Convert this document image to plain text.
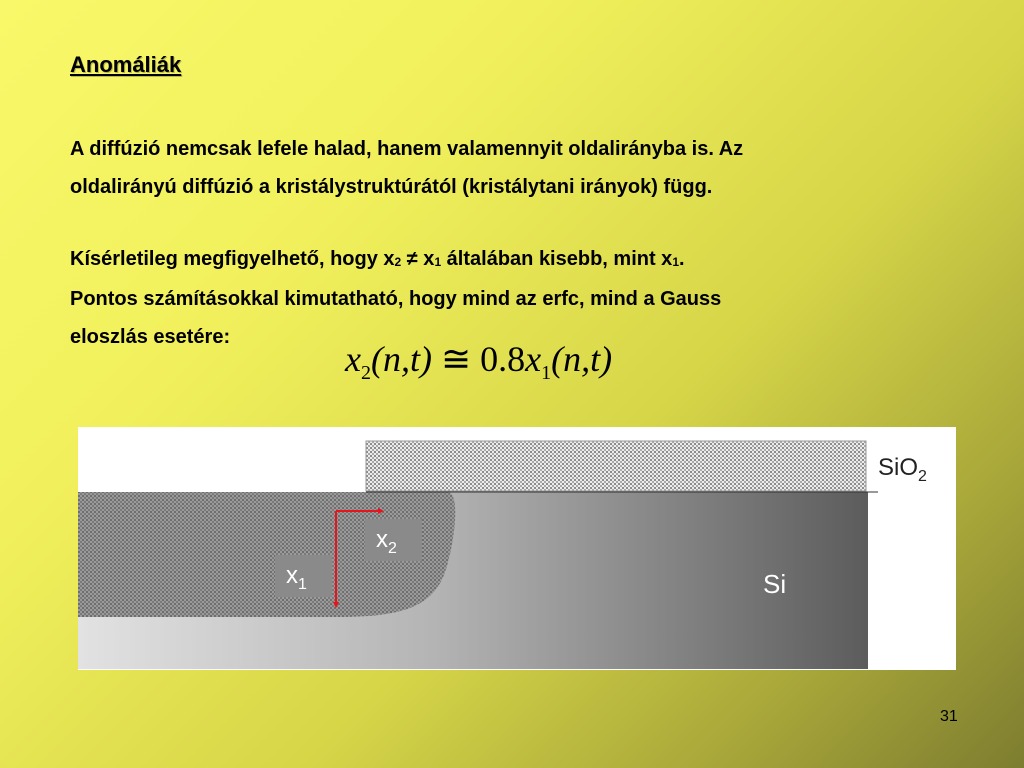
Anomáliák
A diffúzió nemcsak lefele halad, hanem valamennyit oldalirányba is. Az
oldalirányú diffúzió a kristálystruktúrától (kristálytani irányok) függ.
Kísérletileg megfigyelhető, hogy $x_2 \ne x_1$ általában kisebb, mint $x_1$.
Pontos számításokkal kimutatható, hogy mind az erfc, mind a Gauss
eloszlás esetére:
$x_2(n,t)$ ≅ $0.8x_1(n,t)$
$x_2$
$x_1$
SiO$_2$
Si
31
